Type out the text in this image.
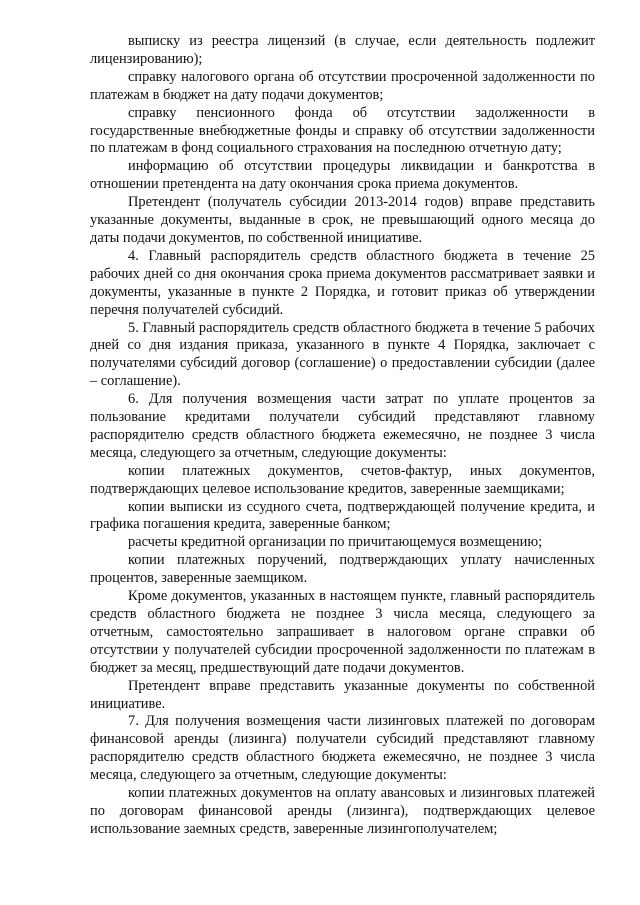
выписку из реестра лицензий (в случае, если деятельность подлежит лицензированию);

справку налогового органа об отсутствии просроченной задолженности по платежам в бюджет на дату подачи документов;

справку пенсионного фонда об отсутствии задолженности в государственные внебюджетные фонды и справку об отсутствии задолженности по платежам в фонд социального страхования на последнюю отчетную дату;

информацию об отсутствии процедуры ликвидации и банкротства в отношении претендента на дату окончания срока приема документов.

Претендент (получатель субсидии 2013-2014 годов) вправе представить указанные документы, выданные в срок, не превышающий одного месяца до даты подачи документов, по собственной инициативе.

4. Главный распорядитель средств областного бюджета в течение 25 рабочих дней со дня окончания срока приема документов рассматривает заявки и документы, указанные в пункте 2 Порядка, и готовит приказ об утверждении перечня получателей субсидий.

5. Главный распорядитель средств областного бюджета в течение 5 рабочих дней со дня издания приказа, указанного в пункте 4 Порядка, заключает с получателями субсидий договор (соглашение) о предоставлении субсидии (далее – соглашение).

6. Для получения возмещения части затрат по уплате процентов за пользование кредитами получатели субсидий представляют главному распорядителю средств областного бюджета ежемесячно, не позднее 3 числа месяца, следующего за отчетным, следующие документы:

копии платежных документов, счетов-фактур, иных документов, подтверждающих целевое использование кредитов, заверенные заемщиками;

копии выписки из ссудного счета, подтверждающей получение кредита, и графика погашения кредита, заверенные банком;

расчеты кредитной организации по причитающемуся возмещению;

копии платежных поручений, подтверждающих уплату начисленных процентов, заверенные заемщиком.

Кроме документов, указанных в настоящем пункте, главный распорядитель средств областного бюджета не позднее 3 числа месяца, следующего за отчетным, самостоятельно запрашивает в налоговом органе справки об отсутствии у получателей субсидии просроченной задолженности по платежам в бюджет за месяц, предшествующий дате подачи документов.

Претендент вправе представить указанные документы по собственной инициативе.

7. Для получения возмещения части лизинговых платежей по договорам финансовой аренды (лизинга) получатели субсидий представляют главному распорядителю средств областного бюджета ежемесячно, не позднее 3 числа месяца, следующего за отчетным, следующие документы:

копии платежных документов на оплату авансовых и лизинговых платежей по договорам финансовой аренды (лизинга), подтверждающих целевое использование заемных средств, заверенные лизингополучателем;
